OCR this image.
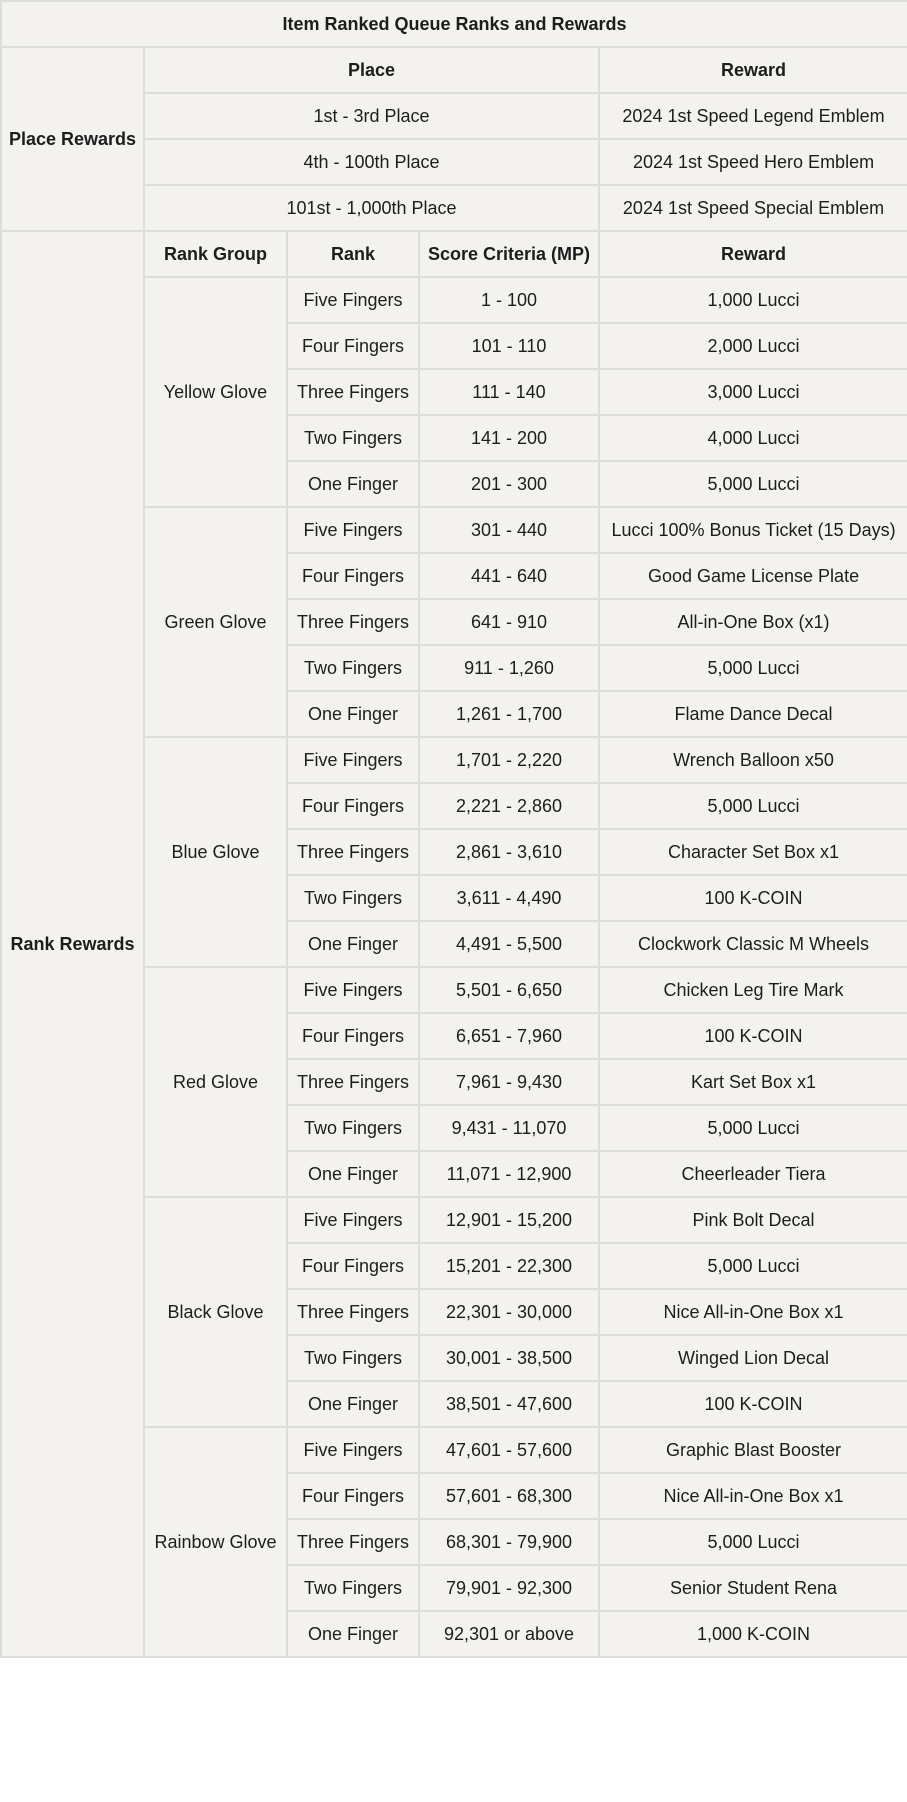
Item Ranked Queue Ranks and Rewards				
Place Rewards	Place			Reward
	1st - 3rd Place			2024 1st Speed Legend Emblem
	4th - 100th Place			2024 1st Speed Hero Emblem
	101st - 1,000th Place			2024 1st Speed Special Emblem
Rank Rewards	Rank Group	Rank	Score Criteria (MP)	Reward
	Yellow Glove	Five Fingers	1 - 100	1,000 Lucci
		Four Fingers	101 - 110	2,000 Lucci
		Three Fingers	111 - 140	3,000 Lucci
		Two Fingers	141 - 200	4,000 Lucci
		One Finger	201 - 300	5,000 Lucci
	Green Glove	Five Fingers	301 - 440	Lucci 100% Bonus Ticket (15 Days)
		Four Fingers	441 - 640	Good Game License Plate
		Three Fingers	641 - 910	All-in-One Box (x1)
		Two Fingers	911 - 1,260	5,000 Lucci
		One Finger	1,261 - 1,700	Flame Dance Decal
	Blue Glove	Five Fingers	1,701 - 2,220	Wrench Balloon x50
		Four Fingers	2,221 - 2,860	5,000 Lucci
		Three Fingers	2,861 - 3,610	Character Set Box x1
		Two Fingers	3,611 - 4,490	100 K-COIN
		One Finger	4,491 - 5,500	Clockwork Classic M Wheels
	Red Glove	Five Fingers	5,501 - 6,650	Chicken Leg Tire Mark
		Four Fingers	6,651 - 7,960	100 K-COIN
		Three Fingers	7,961 - 9,430	Kart Set Box x1
		Two Fingers	9,431 - 11,070	5,000 Lucci
		One Finger	11,071 - 12,900	Cheerleader Tiera
	Black Glove	Five Fingers	12,901 - 15,200	Pink Bolt Decal
		Four Fingers	15,201 - 22,300	5,000 Lucci
		Three Fingers	22,301 - 30,000	Nice All-in-One Box x1
		Two Fingers	30,001 - 38,500	Winged Lion Decal
		One Finger	38,501 - 47,600	100 K-COIN
	Rainbow Glove	Five Fingers	47,601 - 57,600	Graphic Blast Booster
		Four Fingers	57,601 - 68,300	Nice All-in-One Box x1
		Three Fingers	68,301 - 79,900	5,000 Lucci
		Two Fingers	79,901 - 92,300	Senior Student Rena
		One Finger	92,301 or above	1,000 K-COIN
